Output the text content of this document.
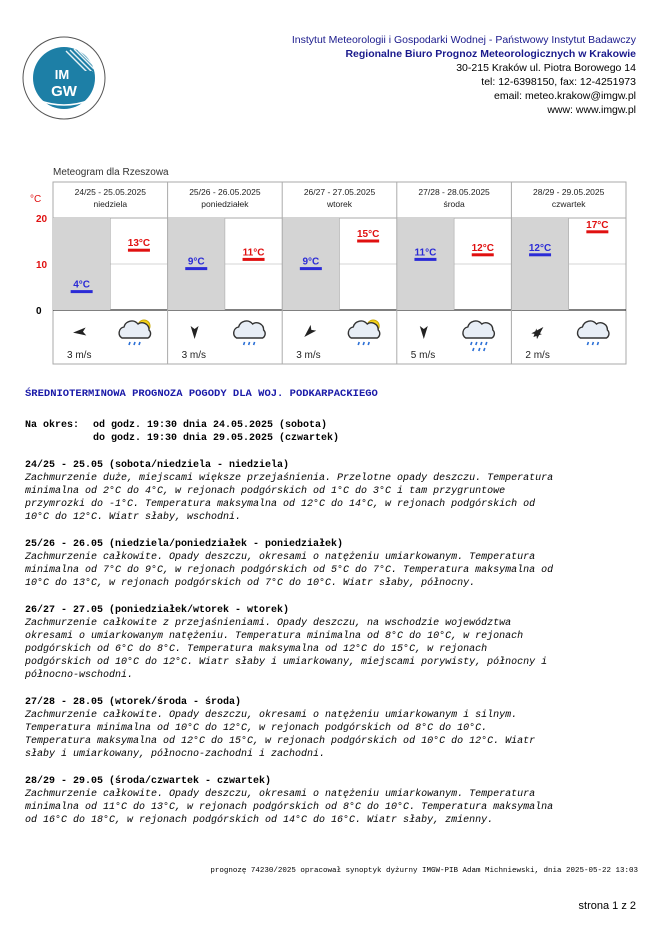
IM
GW
Instytut Meteorologii i Gospodarki Wodnej - Państwowy Instytut Badawczy
Regionalne Biuro Prognoz Meteorologicznych w Krakowie
30-215 Kraków ul. Piotra Borowego 14
tel: 12-6398150, fax: 12-4251973
email: meteo.krakow@imgw.pl
www: www.imgw.pl
Meteogram dla Rzeszowa
°C
20
10
0
24/25 - 25.05.2025
niedziela
4°C
13°C
3 m/s
25/26 - 26.05.2025
poniedziałek
9°C
11°C
3 m/s
26/27 - 27.05.2025
wtorek
9°C
15°C
3 m/s
27/28 - 28.05.2025
środa
11°C	12°C
5 m/s
28/29 - 29.05.2025
czwartek
12°C
17°C
2 m/s
ŚREDNIOTERMINOWA PROGNOZA POGODY DLA WOJ. PODKARPACKIEGO
Na okres: od godz. 19:30 dnia 24.05.2025 (sobota)
do godz. 19:30 dnia 29.05.2025 (czwartek)
24/25 - 25.05 (sobota/niedziela - niedziela)
Zachmurzenie duże, miejscami większe przejaśnienia. Przelotne opady deszczu. Temperatura
minimalna od 2°C do 4°C, w rejonach podgórskich od 1°C do 3°C i tam przygruntowe
przymrozki do -1°C. Temperatura maksymalna od 12°C do 14°C, w rejonach podgórskich od
10°C do 12°C. Wiatr słaby, wschodni.
25/26 - 26.05 (niedziela/poniedziałek - poniedziałek)
Zachmurzenie całkowite. Opady deszczu, okresami o natężeniu umiarkowanym. Temperatura
minimalna od 7°C do 9°C, w rejonach podgórskich od 5°C do 7°C. Temperatura maksymalna od
10°C do 13°C, w rejonach podgórskich od 7°C do 10°C. Wiatr słaby, północny.
26/27 - 27.05 (poniedziałek/wtorek - wtorek)
Zachmurzenie całkowite z przejaśnieniami. Opady deszczu, na wschodzie województwa
okresami o umiarkowanym natężeniu. Temperatura minimalna od 8°C do 10°C, w rejonach
podgórskich od 6°C do 8°C. Temperatura maksymalna od 12°C do 15°C, w rejonach
podgórskich od 10°C do 12°C. Wiatr słaby i umiarkowany, miejscami porywisty, północny i
północno-wschodni.
27/28 - 28.05 (wtorek/środa - środa)
Zachmurzenie całkowite. Opady deszczu, okresami o natężeniu umiarkowanym i silnym.
Temperatura minimalna od 10°C do 12°C, w rejonach podgórskich od 8°C do 10°C.
Temperatura maksymalna od 12°C do 15°C, w rejonach podgórskich od 10°C do 12°C. Wiatr
słaby i umiarkowany, północno-zachodni i zachodni.
28/29 - 29.05 (środa/czwartek - czwartek)
Zachmurzenie całkowite. Opady deszczu, okresami o natężeniu umiarkowanym. Temperatura
minimalna od 11°C do 13°C, w rejonach podgórskich od 8°C do 10°C. Temperatura maksymalna
od 16°C do 18°C, w rejonach podgórskich od 14°C do 16°C. Wiatr słaby, zmienny.
prognozę 74230/2025 opracował synoptyk dyżurny IMGW-PIB Adam Michniewski, dnia 2025-05-22 13:03
strona 1 z 2
